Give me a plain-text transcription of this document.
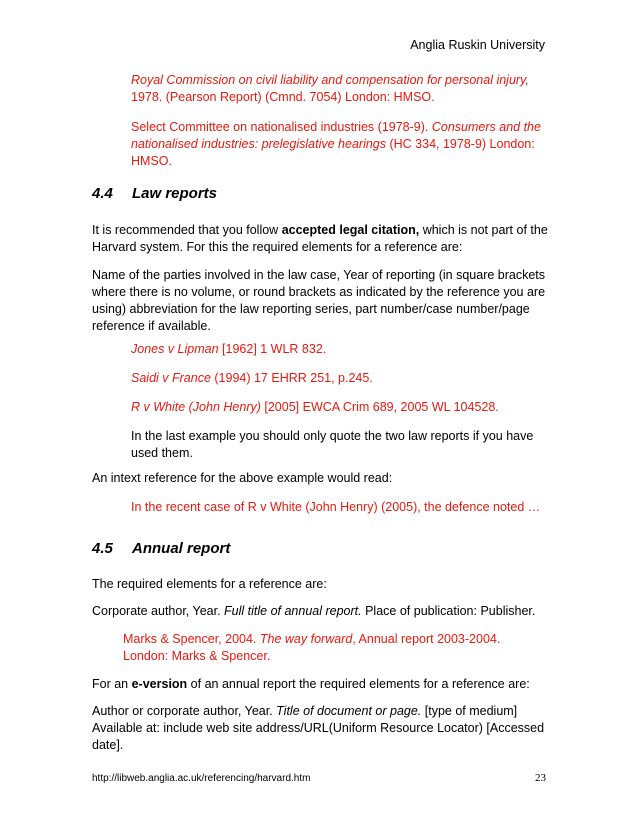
Anglia Ruskin University
Royal Commission on civil liability and compensation for personal injury, 1978. (Pearson Report) (Cmnd. 7054) London: HMSO.
Select Committee on nationalised industries (1978-9). Consumers and the nationalised industries: prelegislative hearings (HC 334, 1978-9) London: HMSO.
4.4 Law reports
It is recommended that you follow accepted legal citation, which is not part of the Harvard system. For this the required elements for a reference are:
Name of the parties involved in the law case, Year of reporting (in square brackets where there is no volume, or round brackets as indicated by the reference you are using) abbreviation for the law reporting series, part number/case number/page reference if available.
Jones v Lipman [1962] 1 WLR 832.
Saidi v France (1994) 17 EHRR 251, p.245.
R v White (John Henry) [2005] EWCA Crim 689, 2005 WL 104528.
In the last example you should only quote the two law reports if you have used them.
An intext reference for the above example would read:
In the recent case of R v White (John Henry) (2005), the defence noted …
4.5 Annual report
The required elements for a reference are:
Corporate author, Year. Full title of annual report. Place of publication: Publisher.
Marks & Spencer, 2004. The way forward, Annual report 2003-2004. London: Marks & Spencer.
For an e-version of an annual report the required elements for a reference are:
Author or corporate author, Year. Title of document or page. [type of medium] Available at: include web site address/URL(Uniform Resource Locator) [Accessed date].
http://libweb.anglia.ac.uk/referencing/harvard.htm	23
